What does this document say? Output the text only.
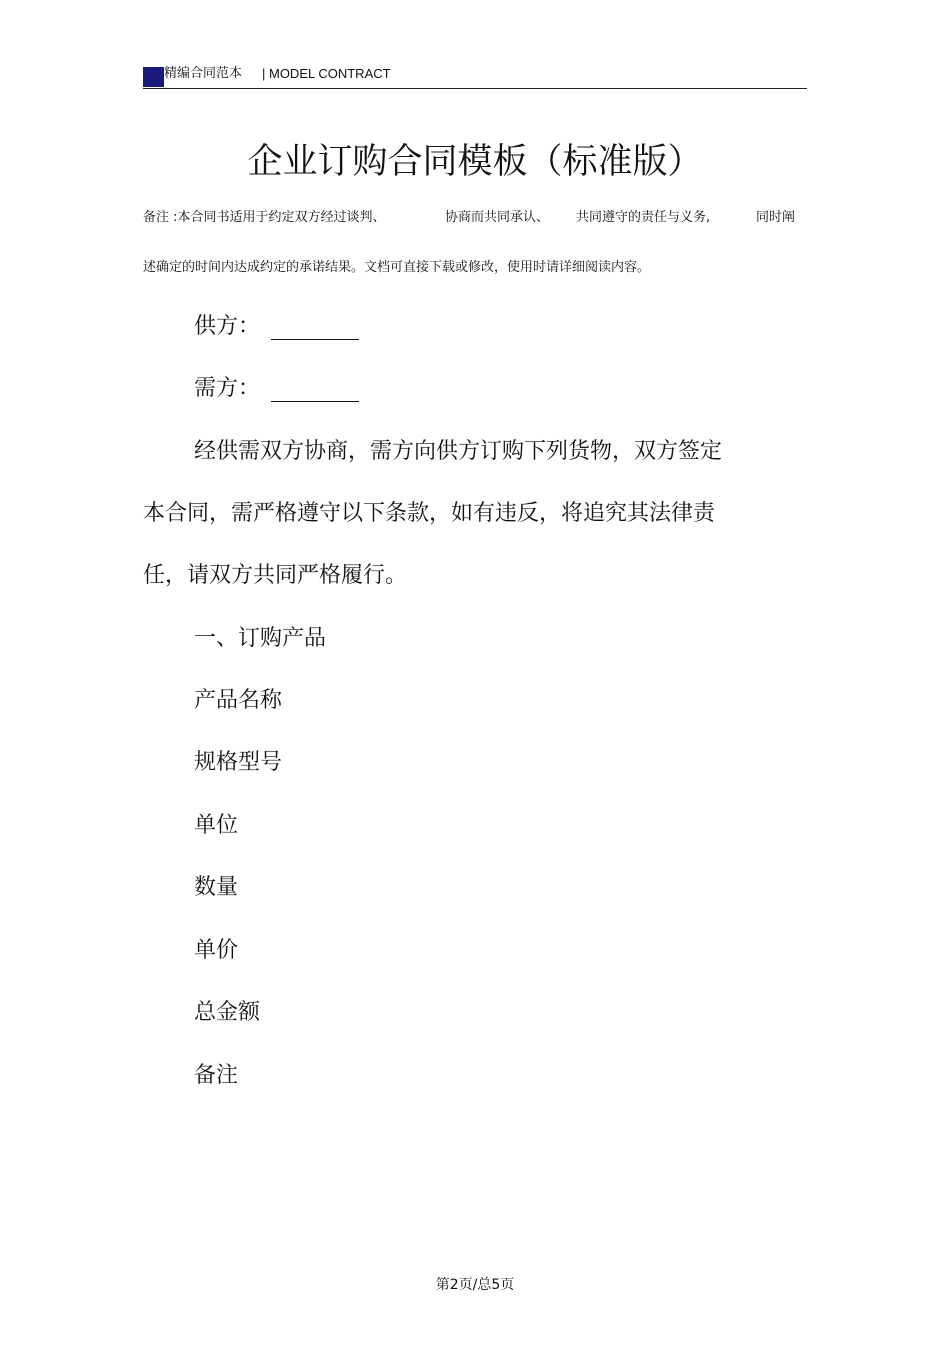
精编合同范本 | MODEL CONTRACT
企业订购合同模板（标准版）
备注 :本合同书适用于约定双方经过谈判、	协商而共同承认、 共同遵守的责任与义务,	同时阐
述确定的时间内达成约定的承诺结果。文档可直接下载或修改，使用时请详细阅读内容。
供方：
需方：
经供需双方协商，需方向供方订购下列货物，双方签定
本合同，需严格遵守以下条款，如有违反，将追究其法律责
任，请双方共同严格履行。
一、订购产品
产品名称
规格型号
单位
数量
单价
总金额
备注
第2页/总5页
